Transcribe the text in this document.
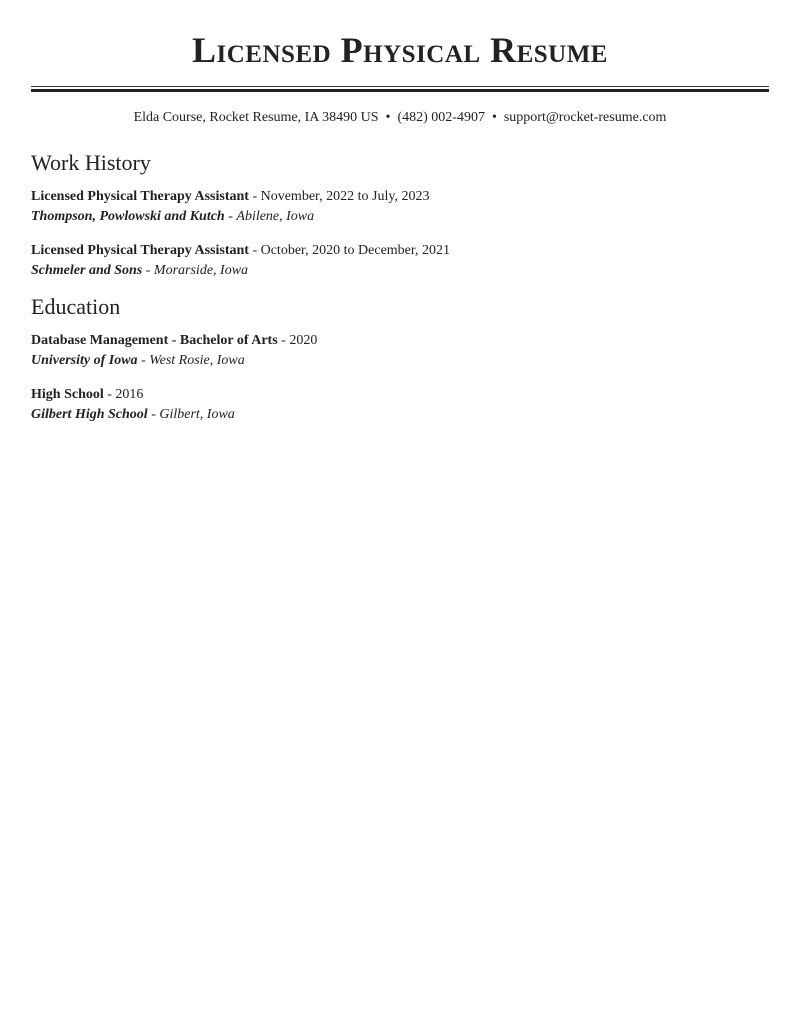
Licensed Physical Resume
Elda Course, Rocket Resume, IA 38490 US • (482) 002-4907 • support@rocket-resume.com
Work History
Licensed Physical Therapy Assistant - November, 2022 to July, 2023
Thompson, Powlowski and Kutch - Abilene, Iowa
Licensed Physical Therapy Assistant - October, 2020 to December, 2021
Schmeler and Sons - Morarside, Iowa
Education
Database Management - Bachelor of Arts - 2020
University of Iowa - West Rosie, Iowa
High School - 2016
Gilbert High School - Gilbert, Iowa
